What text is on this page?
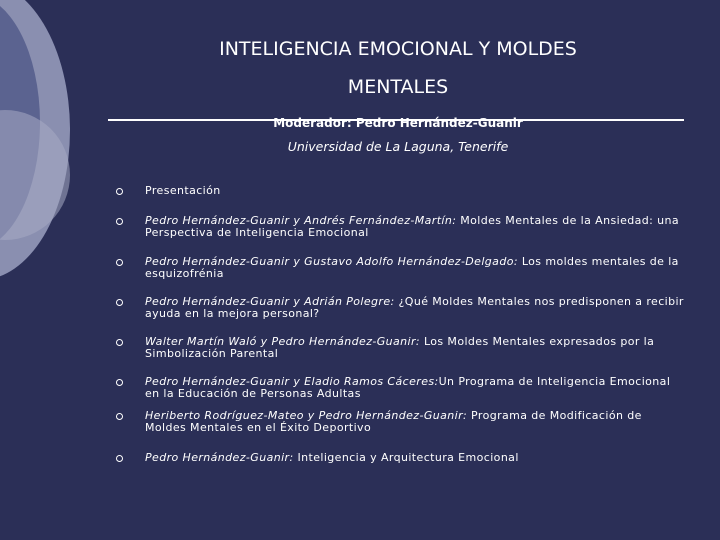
INTELIGENCIA EMOCIONAL Y MOLDES
MENTALES
Moderador: Pedro Hernández-Guanir
Universidad de La Laguna, Tenerife
Presentación
Pedro Hernández-Guanir y Andrés Fernández-Martín: Moldes Mentales de la Ansiedad: una Perspectiva de Inteligencia Emocional
Pedro Hernández-Guanir y Gustavo Adolfo Hernández-Delgado: Los moldes mentales de la esquizofrénia
Pedro Hernández-Guanir y Adrián Polegre: ¿Qué Moldes Mentales nos predisponen a recibir ayuda en la mejora personal?
Walter Martín Waló y Pedro Hernández-Guanir: Los Moldes Mentales expresados por la Simbolización Parental
Pedro Hernández-Guanir y Eladio Ramos Cáceres:Un Programa de Inteligencia Emocional en la Educación de Personas Adultas
Heriberto Rodríguez-Mateo y Pedro Hernández-Guanir: Programa de Modificación de Moldes Mentales en el Éxito Deportivo
Pedro Hernández-Guanir: Inteligencia y Arquitectura Emocional
